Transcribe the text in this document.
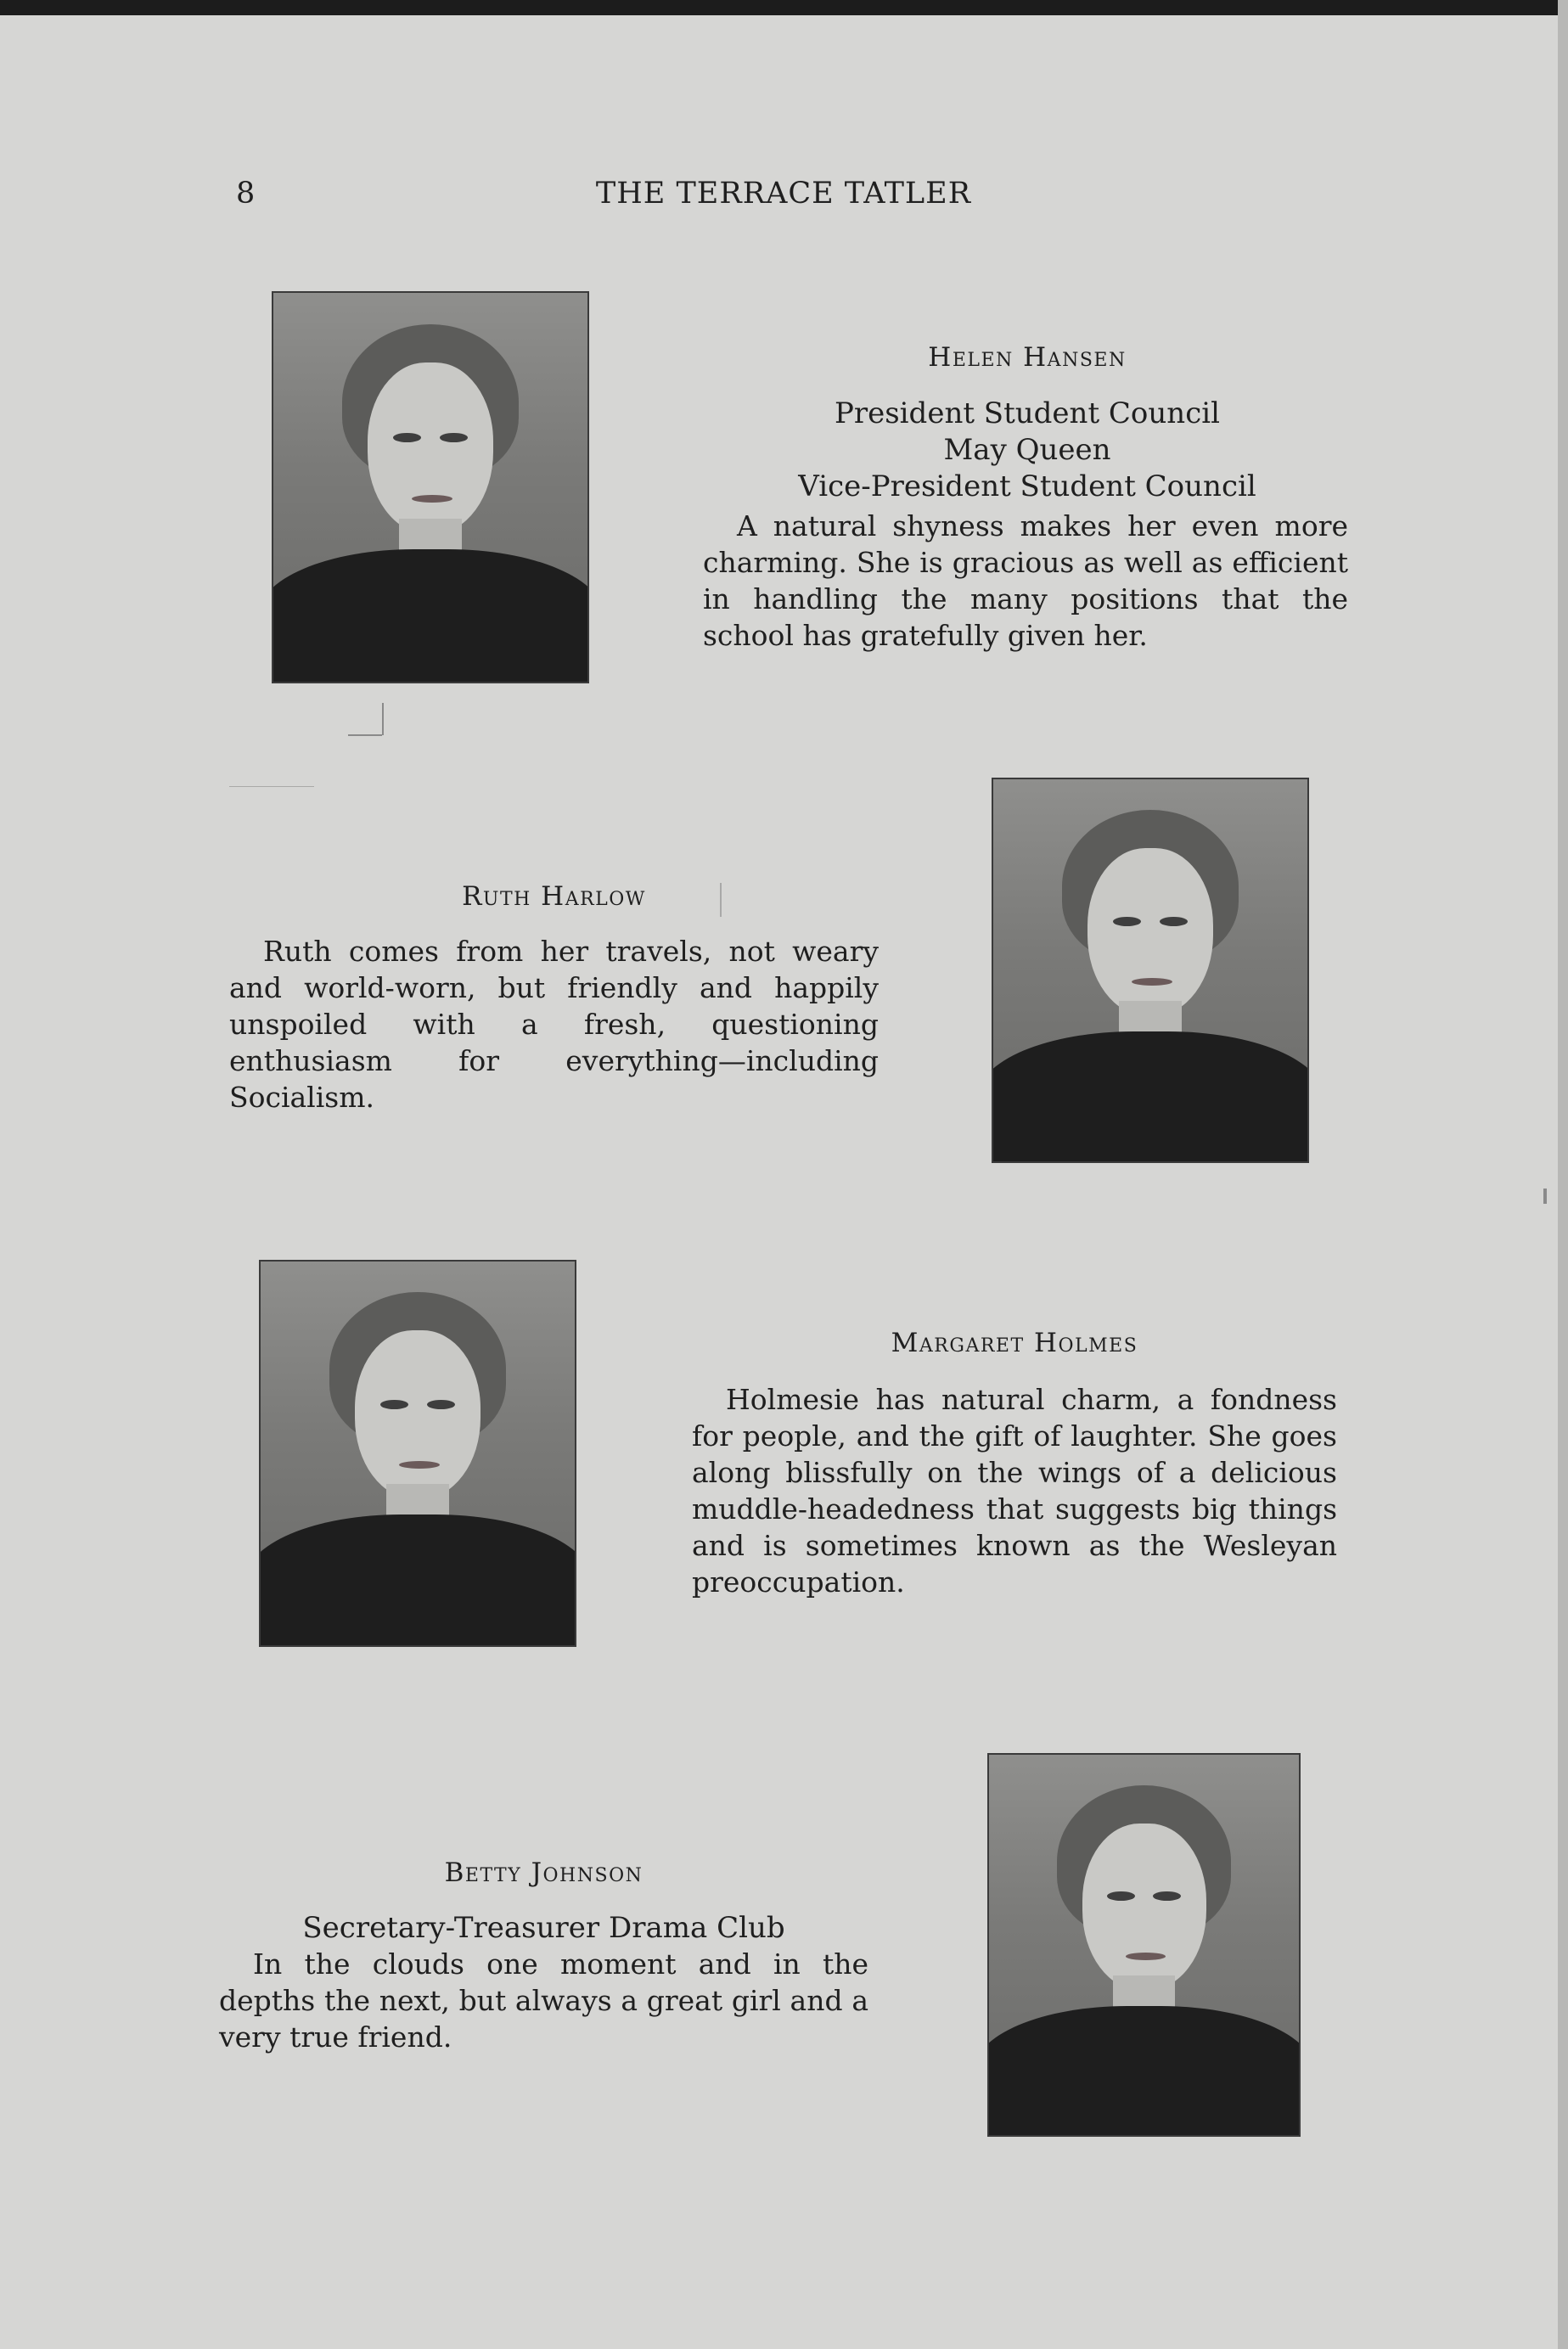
8	THE TERRACE TATLER
Helen Hansen
President Student Council
May Queen
Vice-President Student Council
A natural shyness makes her even more charming. She is gracious as well as efficient in handling the many positions that the school has gratefully given her.
Ruth Harlow
Ruth comes from her travels, not weary and world-worn, but friendly and happily unspoiled with a fresh, questioning enthusiasm for everything—including Socialism.
Margaret Holmes
Holmesie has natural charm, a fondness for people, and the gift of laughter. She goes along blissfully on the wings of a delicious muddle-headedness that suggests big things and is sometimes known as the Wesleyan preoccupation.
Betty Johnson
Secretary-Treasurer Drama Club
In the clouds one moment and in the depths the next, but always a great girl and a very true friend.
